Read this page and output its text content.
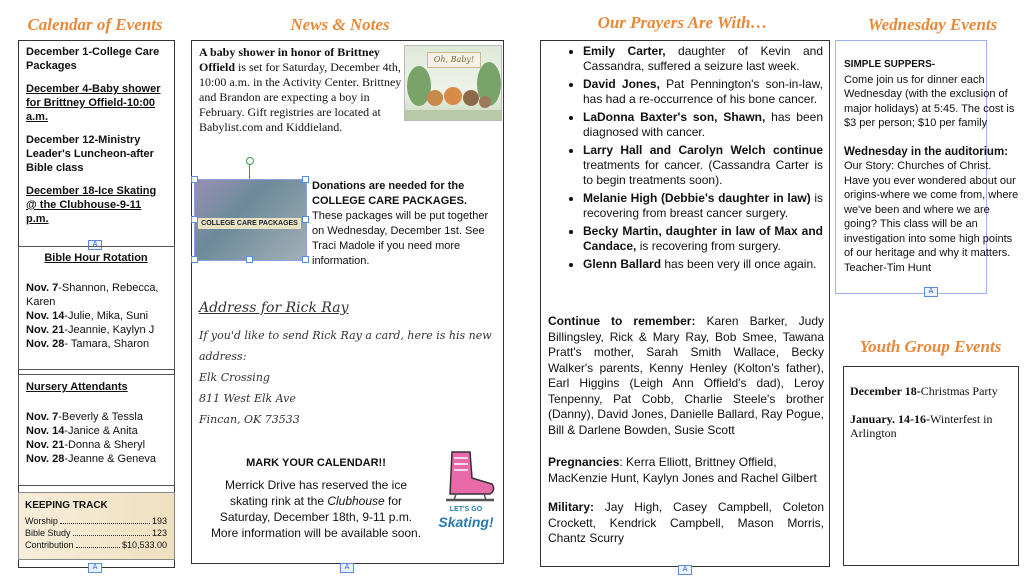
Calendar of Events	News & Notes	Our Prayers Are With…	Wednesday Events
Youth Group Events
December 1-College Care Packages
December 4-Baby shower for Brittney Offield-10:00 a.m.
December 12-Ministry Leader's Luncheon-after Bible class
December 18-Ice Skating @ the Clubhouse-9-11 p.m.
A
Bible Hour Rotation
Nov. 7-Shannon, Rebecca, Karen
Nov. 14-Julie, Mika, Suni
Nov. 21-Jeannie, Kaylyn J
Nov. 28- Tamara, Sharon
Nursery Attendants
Nov. 7-Beverly & Tessla
Nov. 14-Janice & Anita
Nov. 21-Donna & Sheryl
Nov. 28-Jeanne & Geneva
KEEPING TRACK
Worship	193
Bible Study	123
Contribution	$10,533.00
A
A baby shower in honor of Brittney Offield is set for Saturday, December 4th, 10:00 a.m. in the Activity Center. Brittney and Brandon are expecting a boy in February. Gift registries are located at Babylist.com and Kiddieland.
Oh, Baby!
COLLEGE CARE PACKAGES
Donations are needed for the COLLEGE CARE PACKAGES. These packages will be put together on Wednesday, December 1st. See Traci Madole if you need more information.
Address for Rick Ray
If you'd like to send Rick Ray a card, here is his new address:
Elk Crossing
811 West Elk Ave
Fincan, OK 73533
MARK YOUR CALENDAR!!
Merrick Drive has reserved the ice skating rink at the Clubhouse for Saturday, December 18th, 9-11 p.m. More information will be available soon.
LET'S GO
Skating!
A
• Emily Carter, daughter of Kevin and Cassandra, suffered a seizure last week.
• David Jones, Pat Pennington's son-in-law, has had a re-occurrence of his bone cancer.
• LaDonna Baxter's son, Shawn, has been diagnosed with cancer.
• Larry Hall and Carolyn Welch continue treatments for cancer. (Cassandra Carter is to begin treatments soon).
• Melanie High (Debbie's daughter in law) is recovering from breast cancer surgery.
• Becky Martin, daughter in law of Max and Candace, is recovering from surgery.
• Glenn Ballard has been very ill once again.
Continue to remember: Karen Barker, Judy Billingsley, Rick & Mary Ray, Bob Smee, Tawana Pratt's mother, Sarah Smith Wallace, Becky Walker's parents, Kenny Henley (Kolton's father), Earl Higgins (Leigh Ann Offield's dad), Leroy Tenpenny, Pat Cobb, Charlie Steele's brother (Danny), David Jones, Danielle Ballard, Ray Pogue, Bill & Darlene Bowden, Susie Scott
Pregnancies: Kerra Elliott, Brittney Offield, MacKenzie Hunt, Kaylyn Jones and Rachel Gilbert
Military: Jay High, Casey Campbell, Coleton Crockett, Kendrick Campbell, Mason Morris, Chantz Scurry
A
SIMPLE SUPPERS-
Come join us for dinner each Wednesday (with the exclusion of major holidays) at 5:45. The cost is $3 per person; $10 per family
Wednesday in the auditorium:
Our Story: Churches of Christ. Have you ever wondered about our origins-where we come from, where we've been and where we are going? This class will be an investigation into some high points of our heritage and why it matters. Teacher-Tim Hunt
A
December 18-Christmas Party
January. 14-16-Winterfest in Arlington
